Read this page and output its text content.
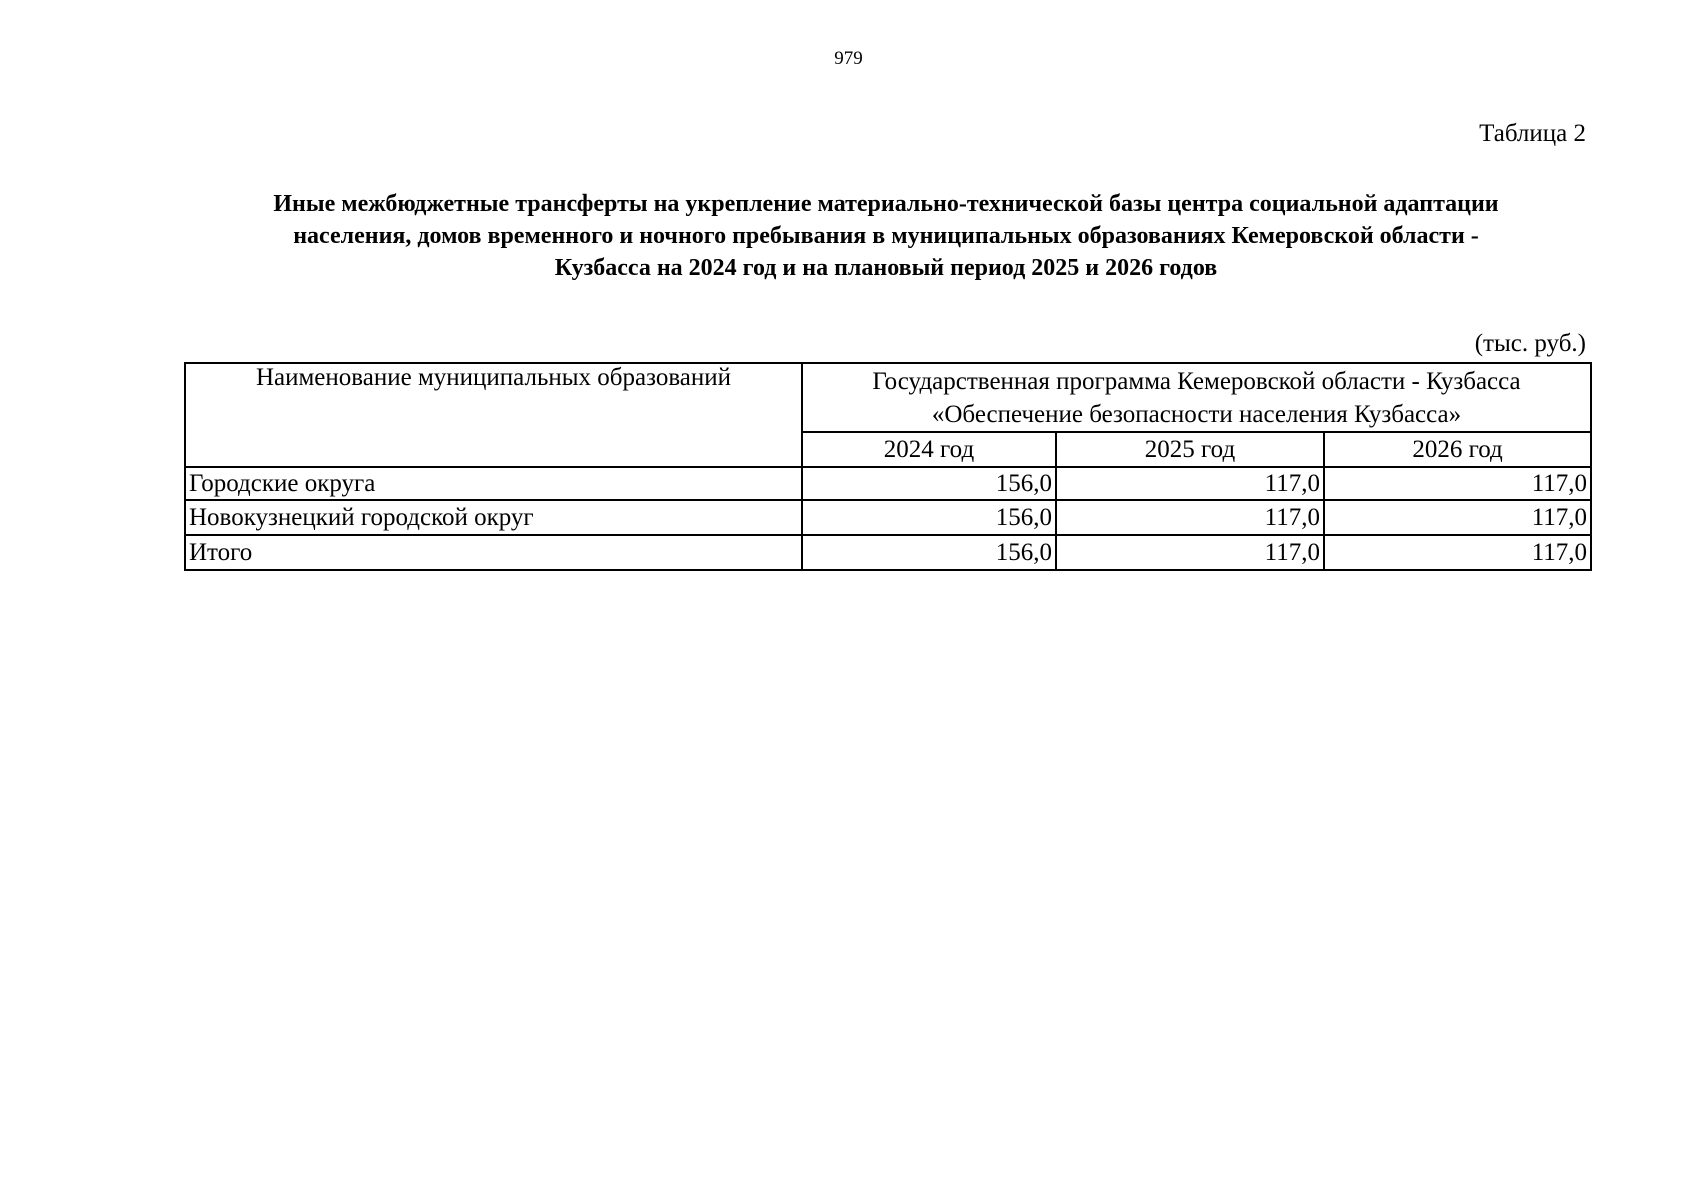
979
Таблица 2
Иные межбюджетные трансферты на укрепление материально-технической базы центра социальной адаптации
населения, домов временного и ночного пребывания в муниципальных образованиях Кемеровской области -
Кузбасса на 2024 год и на плановый период 2025 и 2026 годов
(тыс. руб.)
Наименование муниципальных образований	Государственная программа Кемеровской области - Кузбасса
«Обеспечение безопасности населения Кузбасса»		

	2024 год	2025 год	2026 год
Городские округа	156,0	117,0	117,0
Новокузнецкий городской округ	156,0	117,0	117,0
Итого	156,0	117,0	117,0
